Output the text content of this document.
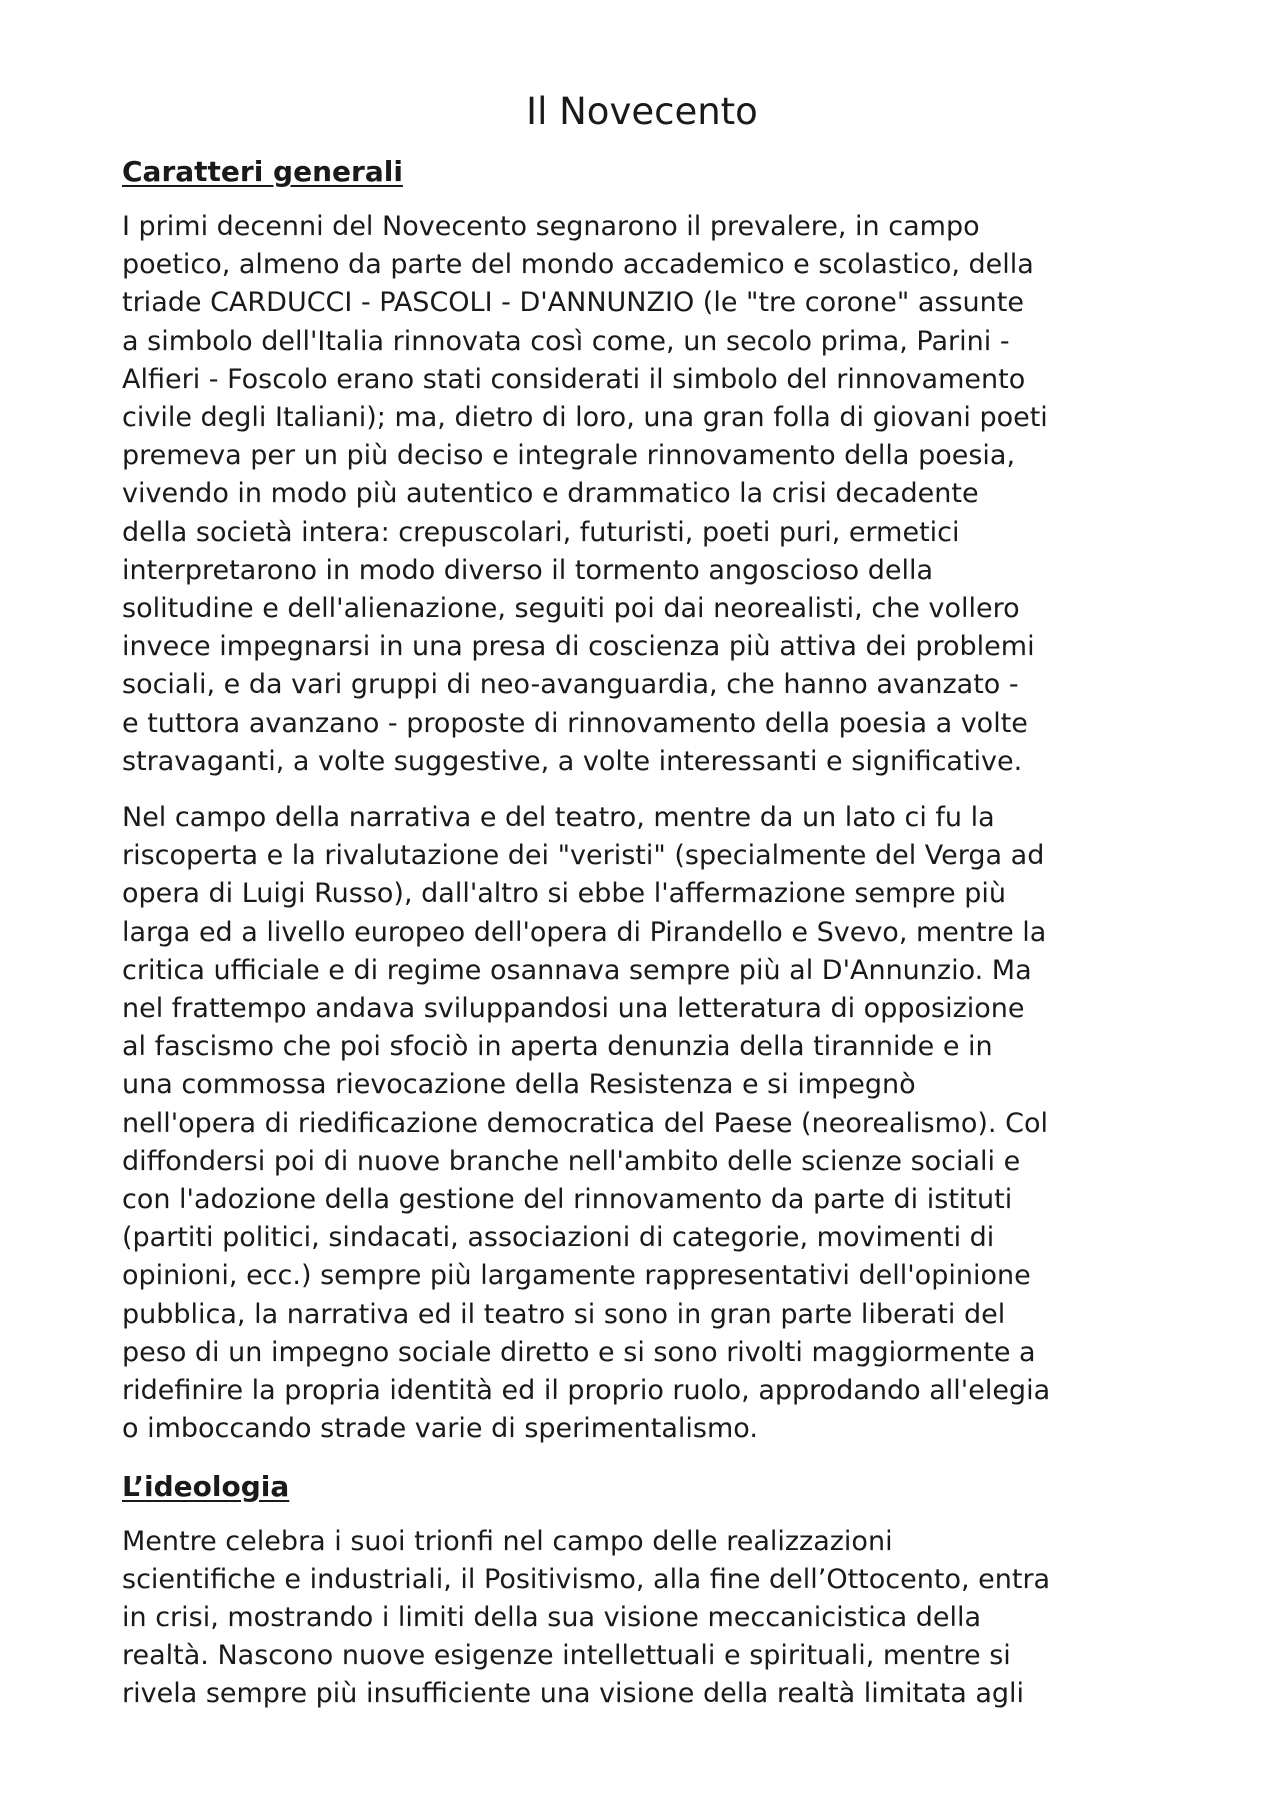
Il Novecento
Caratteri generali

I primi decenni del Novecento segnarono il prevalere, in campo
poetico, almeno da parte del mondo accademico e scolastico, della
triade CARDUCCI - PASCOLI - D'ANNUNZIO (le "tre corone" assunte
a simbolo dell'Italia rinnovata così come, un secolo prima, Parini -
Alfieri - Foscolo erano stati considerati il simbolo del rinnovamento
civile degli Italiani); ma, dietro di loro, una gran folla di giovani poeti
premeva per un più deciso e integrale rinnovamento della poesia,
vivendo in modo più autentico e drammatico la crisi decadente
della società intera: crepuscolari, futuristi, poeti puri, ermetici
interpretarono in modo diverso il tormento angoscioso della
solitudine e dell'alienazione, seguiti poi dai neorealisti, che vollero
invece impegnarsi in una presa di coscienza più attiva dei problemi
sociali, e da vari gruppi di neo-avanguardia, che hanno avanzato -
e tuttora avanzano - proposte di rinnovamento della poesia a volte
stravaganti, a volte suggestive, a volte interessanti e significative.

Nel campo della narrativa e del teatro, mentre da un lato ci fu la
riscoperta e la rivalutazione dei "veristi" (specialmente del Verga ad
opera di Luigi Russo), dall'altro si ebbe l'affermazione sempre più
larga ed a livello europeo dell'opera di Pirandello e Svevo, mentre la
critica ufficiale e di regime osannava sempre più al D'Annunzio. Ma
nel frattempo andava sviluppandosi una letteratura di opposizione
al fascismo che poi sfociò in aperta denunzia della tirannide e in
una commossa rievocazione della Resistenza e si impegnò
nell'opera di riedificazione democratica del Paese (neorealismo). Col
diffondersi poi di nuove branche nell'ambito delle scienze sociali e
con l'adozione della gestione del rinnovamento da parte di istituti
(partiti politici, sindacati, associazioni di categorie, movimenti di
opinioni, ecc.) sempre più largamente rappresentativi dell'opinione
pubblica, la narrativa ed il teatro si sono in gran parte liberati del
peso di un impegno sociale diretto e si sono rivolti maggiormente a
ridefinire la propria identità ed il proprio ruolo, approdando all'elegia
o imboccando strade varie di sperimentalismo.

L’ideologia

Mentre celebra i suoi trionfi nel campo delle realizzazioni
scientifiche e industriali, il Positivismo, alla fine dell’Ottocento, entra
in crisi, mostrando i limiti della sua visione meccanicistica della
realtà. Nascono nuove esigenze intellettuali e spirituali, mentre si
rivela sempre più insufficiente una visione della realtà limitata agli
